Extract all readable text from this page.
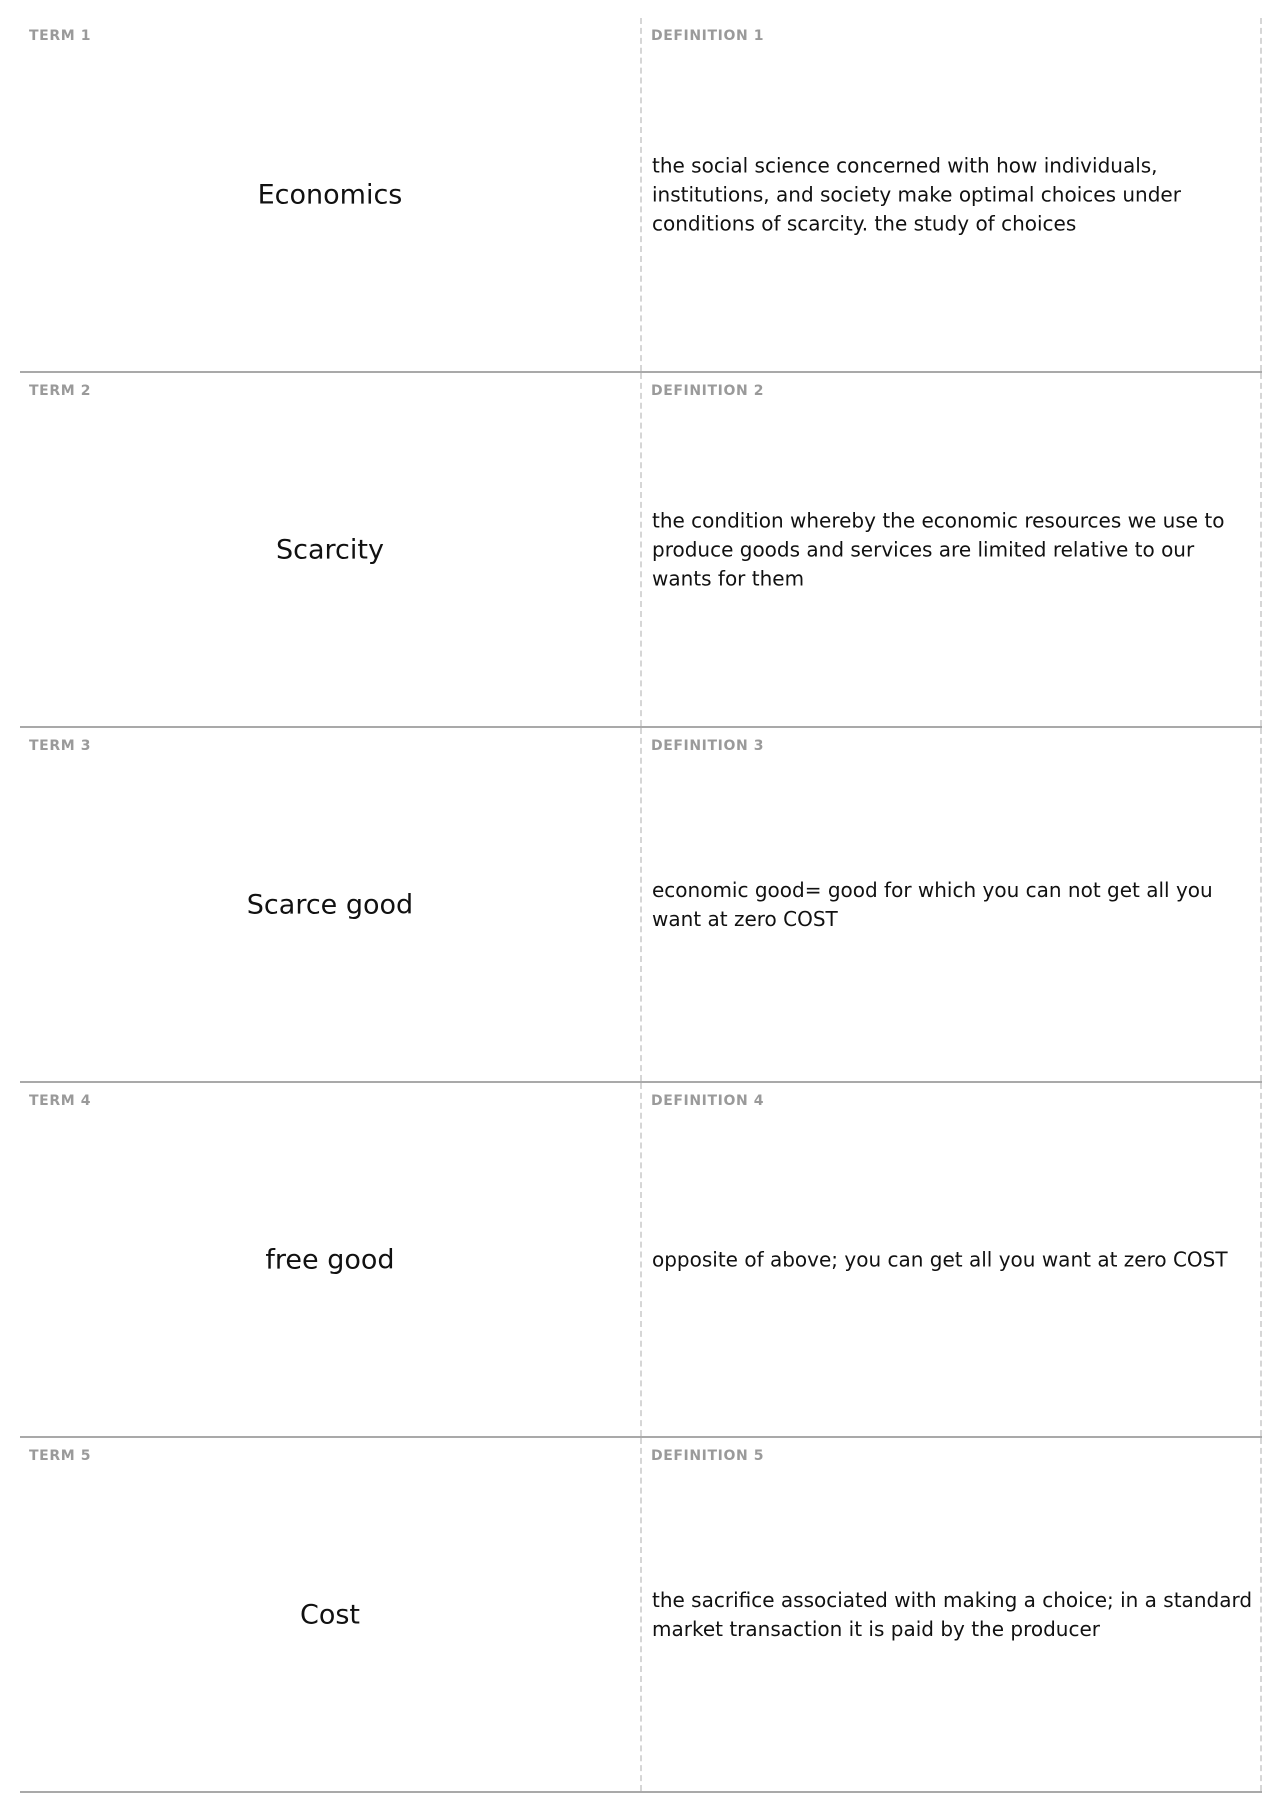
TERM 1
Economics
DEFINITION 1
the social science concerned with how individuals, institutions, and society make optimal choices under conditions of scarcity. the study of choices
TERM 2
Scarcity
DEFINITION 2
the condition whereby the economic resources we use to produce goods and services are limited relative to our wants for them
TERM 3
Scarce good
DEFINITION 3
economic good= good for which you can not get all you want at zero COST
TERM 4
free good
DEFINITION 4
opposite of above; you can get all you want at zero COST
TERM 5
Cost
DEFINITION 5
the sacrifice associated with making a choice; in a standard market transaction it is paid by the producer
